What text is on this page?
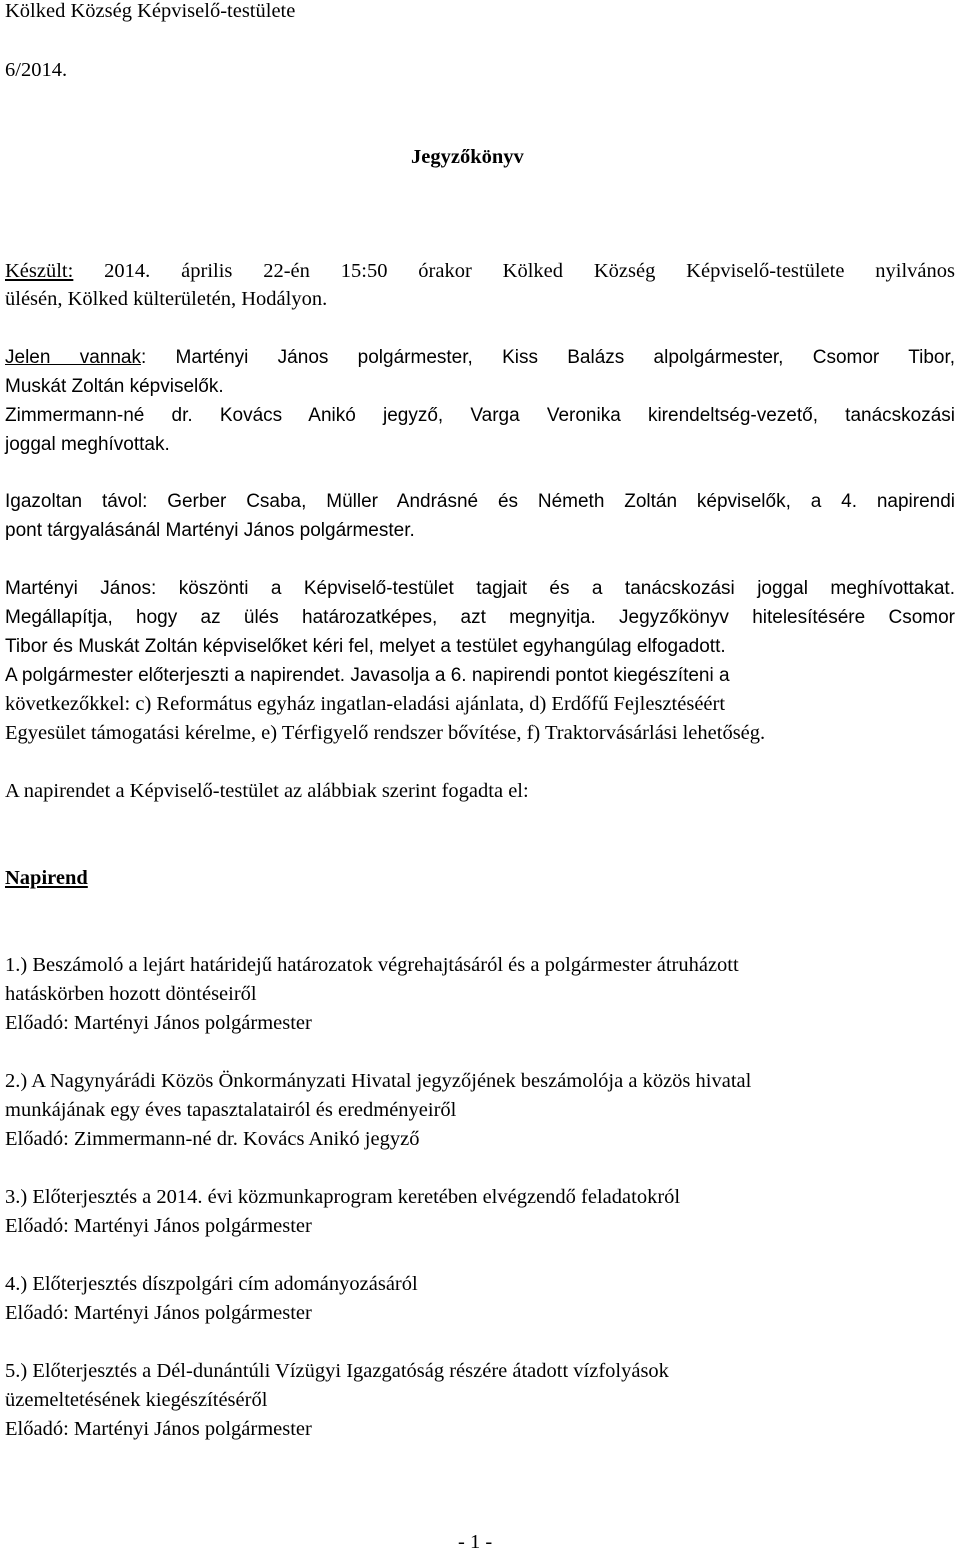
Kölked Község Képviselő-testülete
6/2014.
Jegyzőkönyv
Készült: 2014. április 22-én 15:50 órakor Kölked Község Képviselő-testülete nyilvános
ülésén, Kölked külterületén, Hodályon.
Jelen vannak: Martényi János polgármester, Kiss Balázs alpolgármester, Csomor Tibor,
Muskát Zoltán képviselők.
Zimmermann-né dr. Kovács Anikó jegyző, Varga Veronika kirendeltség-vezető, tanácskozási
joggal meghívottak.
Igazoltan távol: Gerber Csaba, Müller Andrásné és Németh Zoltán képviselők, a 4. napirendi
pont tárgyalásánál Martényi János polgármester.
Martényi János: köszönti a Képviselő-testület tagjait és a tanácskozási joggal meghívottakat.
Megállapítja, hogy az ülés határozatképes, azt megnyitja. Jegyzőkönyv hitelesítésére Csomor
Tibor és Muskát Zoltán képviselőket kéri fel, melyet a testület egyhangúlag elfogadott.
A polgármester előterjeszti a napirendet. Javasolja a 6. napirendi pontot kiegészíteni a
következőkkel: c) Református egyház ingatlan-eladási ajánlata, d) Erdőfű Fejlesztéséért
Egyesület támogatási kérelme, e) Térfigyelő rendszer bővítése, f) Traktorvásárlási lehetőség.
A napirendet a Képviselő-testület az alábbiak szerint fogadta el:
Napirend
1.) Beszámoló a lejárt határidejű határozatok végrehajtásáról és a polgármester átruházott
hatáskörben hozott döntéseiről
Előadó: Martényi János polgármester
2.) A Nagynyárádi Közös Önkormányzati Hivatal jegyzőjének beszámolója a közös hivatal
munkájának egy éves tapasztalatairól és eredményeiről
Előadó: Zimmermann-né dr. Kovács Anikó jegyző
3.) Előterjesztés a 2014. évi közmunkaprogram keretében elvégzendő feladatokról
Előadó: Martényi János polgármester
4.) Előterjesztés díszpolgári cím adományozásáról
Előadó: Martényi János polgármester
5.) Előterjesztés a Dél-dunántúli Vízügyi Igazgatóság részére átadott vízfolyások
üzemeltetésének kiegészítéséről
Előadó: Martényi János polgármester
- 1 -
